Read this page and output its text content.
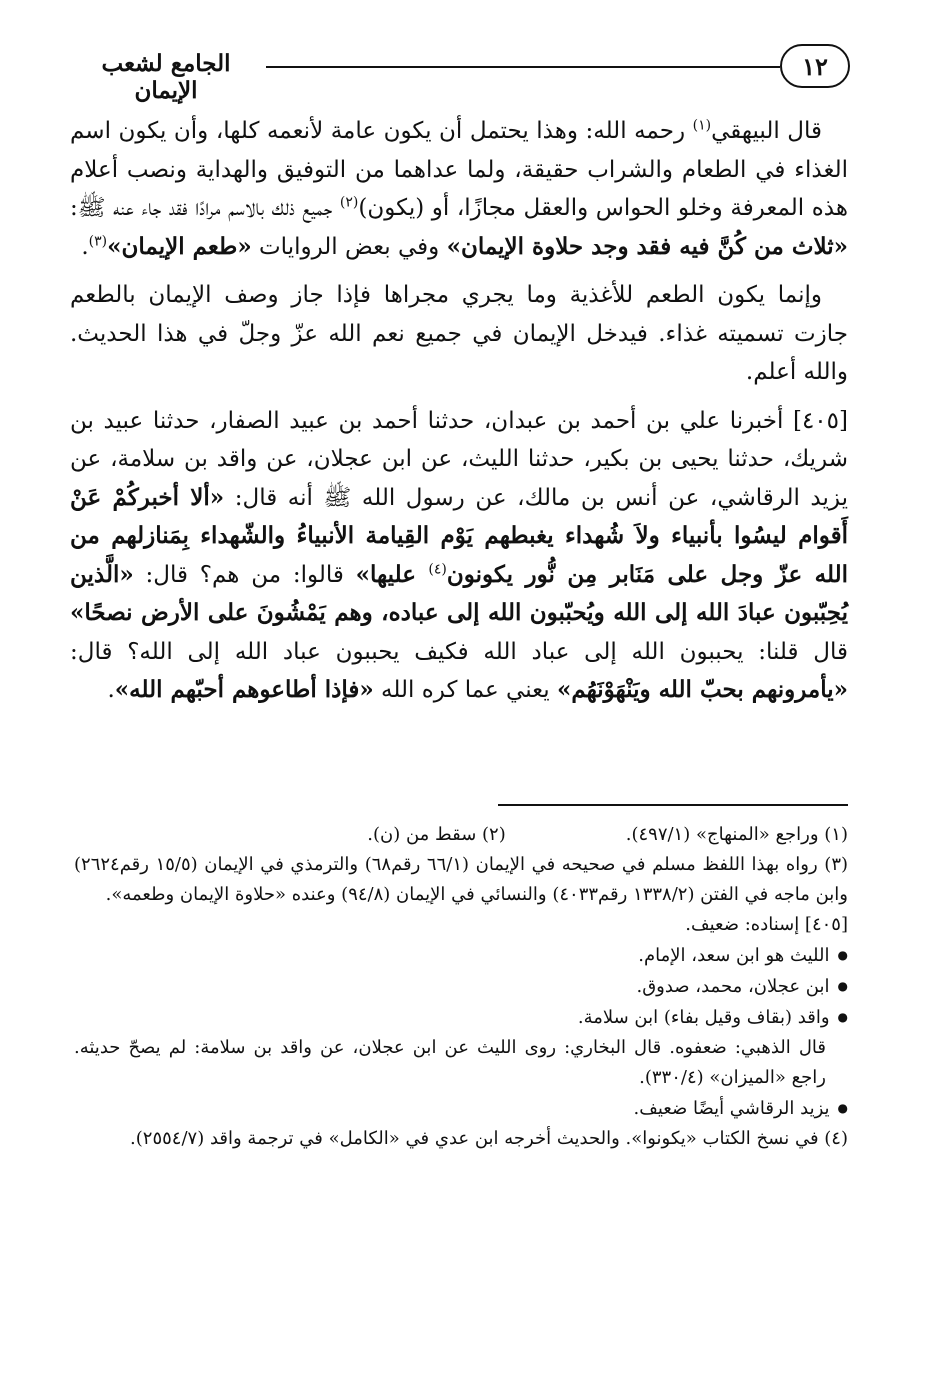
الجامع لشعب الإيمان
١٢

قال البيهقي$^{(١)}$ رحمه الله: وهذا يحتمل أن يكون عامة لأنعمه كلها، وأن يكون اسم الغذاء في الطعام والشراب حقيقة، ولما عداهما من التوفيق والهداية ونصب أعلام هذه المعرفة وخلو الحواس والعقل مجازًا، أو (يكون)$^{(٢)}$ جميع ذلك بالاسم مرادًا فقد جاء عنه ﷺ: «ثلاث من كُنَّ فيه فقد وجد حلاوة الإيمان» وفي بعض الروايات «طعم الإيمان»$^{(٣)}$.

وإنما يكون الطعم للأغذية وما يجري مجراها فإذا جاز وصف الإيمان بالطعم جازت تسميته غذاء. فيدخل الإيمان في جميع نعم الله عزّ وجلّ في هذا الحديث. والله أعلم.

[٤٠٥] أخبرنا علي بن أحمد بن عبدان، حدثنا أحمد بن عبيد الصفار، حدثنا عبيد بن شريك، حدثنا يحيى بن بكير، حدثنا الليث، عن ابن عجلان، عن واقد بن سلامة، عن يزيد الرقاشي، عن أنس بن مالك، عن رسول الله ﷺ أنه قال: «ألا أخبركُمْ عَنْ أَقوام ليسُوا بأنبياء ولاَ شُهداء يغبطهم يَوْم القِيامة الأنبياءُ والشّهداء بِمَنازلهم من الله عزّ وجل على مَنَابر مِن نُّور يكونون$^{(٤)}$ عليها» قالوا: من هم؟ قال: «الَّذين يُحِبّبون عبادَ الله إلى الله ويُحبّبون الله إلى عباده، وهم يَمْشُونَ على الأرض نصحًا» قال قلنا: يحببون الله إلى عباد الله فكيف يحببون عباد الله إلى الله؟ قال: «يأمرونهم بحبّ الله ويَنْهَوْنَهُم» يعني عما كره الله «فإذا أطاعوهم أحبّهم الله».

(١) وراجع «المنهاج» (٤٩٧/١).

(٢) سقط من (ن).

(٣) رواه بهذا اللفظ مسلم في صحيحه في الإيمان (٦٦/١ رقم٦٨) والترمذي في الإيمان (١٥/٥ رقم٢٦٢٤) وابن ماجه في الفتن (١٣٣٨/٢ رقم٤٠٣٣) والنسائي في الإيمان (٩٤/٨) وعنده «حلاوة الإيمان وطعمه».

[٤٠٥] إسناده: ضعيف.

● الليث هو ابن سعد، الإمام.

● ابن عجلان، محمد، صدوق.

● واقد (بقاف وقيل بفاء) ابن سلامة.

قال الذهبي: ضعفوه. قال البخاري: روى الليث عن ابن عجلان، عن واقد بن سلامة: لم يصحّ حديثه. راجع «الميزان» (٣٣٠/٤).

● يزيد الرقاشي أيضًا ضعيف.

(٤) في نسخ الكتاب «يكونوا». والحديث أخرجه ابن عدي في «الكامل» في ترجمة واقد (٢٥٥٤/٧).
